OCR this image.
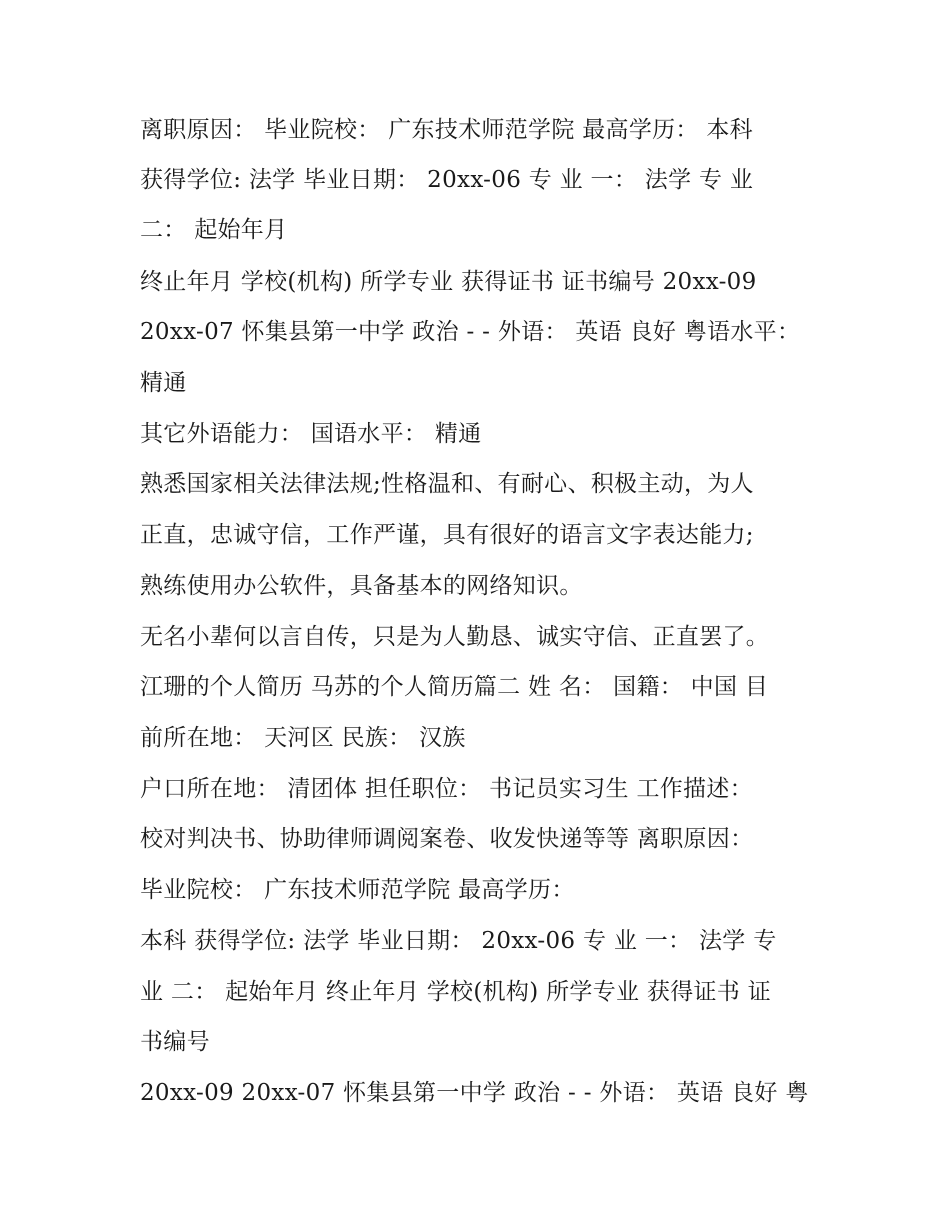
离职原因： 毕业院校： 广东技术师范学院 最高学历： 本科
获得学位: 法学 毕业日期： 20xx-06 专 业 一： 法学 专 业
二： 起始年月
终止年月 学校(机构) 所学专业 获得证书 证书编号 20xx-09
20xx-07 怀集县第一中学 政治 - - 外语： 英语 良好 粤语水平：
精通
其它外语能力： 国语水平： 精通
熟悉国家相关法律法规;性格温和、有耐心、积极主动，为人
正直，忠诚守信，工作严谨，具有很好的语言文字表达能力;
熟练使用办公软件，具备基本的网络知识。
无名小辈何以言自传，只是为人勤恳、诚实守信、正直罢了。
江珊的个人简历 马苏的个人简历篇二 姓 名： 国籍： 中国 目
前所在地： 天河区 民族： 汉族
户口所在地： 清团体 担任职位： 书记员实习生 工作描述：
校对判决书、协助律师调阅案卷、收发快递等等 离职原因：
毕业院校： 广东技术师范学院 最高学历：
本科 获得学位: 法学 毕业日期： 20xx-06 专 业 一： 法学 专
业 二： 起始年月 终止年月 学校(机构) 所学专业 获得证书 证
书编号
20xx-09 20xx-07 怀集县第一中学 政治 - - 外语： 英语 良好 粤
